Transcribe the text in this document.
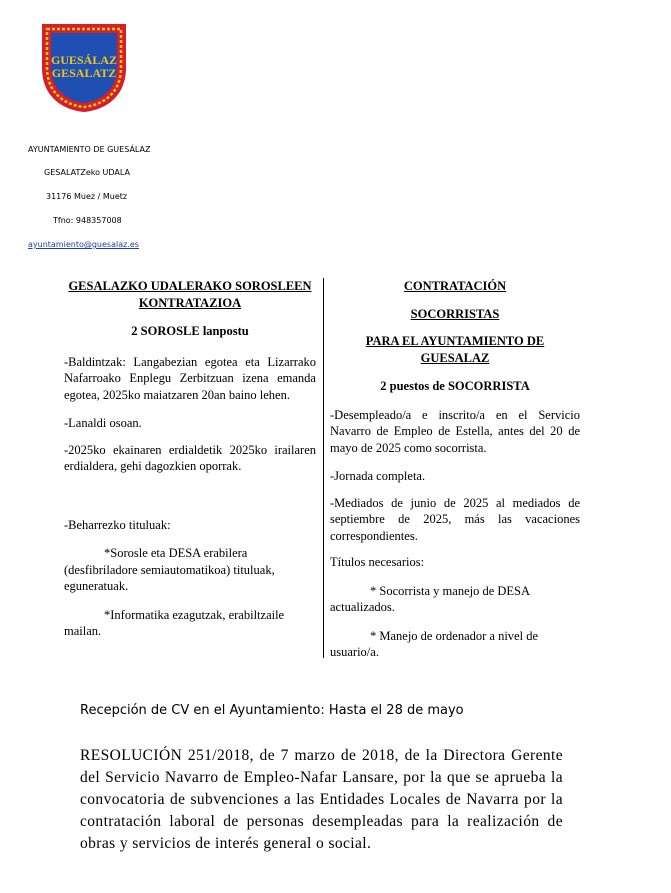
GUESÁLAZ
GESALATZ
AYUNTAMIENTO DE GUESÁLAZ
GESALATZeko UDALA
31176 Muez / Muetz
Tfno: 948357008
ayuntamiento@guesalaz.es

GESALAZKO UDALERAKO SOROSLEEN KONTRATAZIOA

2 SOROSLE lanpostu

-Baldintzak: Langabezian egotea eta Lizarrako Nafarroako Enplegu Zerbitzuan izena emanda egotea, 2025ko maiatzaren 20an baino lehen.

-Lanaldi osoan.

-2025ko ekainaren erdialdetik 2025ko irailaren erdialdera, gehi dagozkien oporrak.

-Beharrezko tituluak:

*Sorosle eta DESA erabilera (desfibriladore semiautomatikoa) tituluak, eguneratuak.

*Informatika ezagutzak, erabiltzaile mailan.

CONTRATACIÓN

SOCORRISTAS

PARA EL AYUNTAMIENTO DE GUESALAZ

2 puestos de SOCORRISTA

-Desempleado/a e inscrito/a en el Servicio Navarro de Empleo de Estella, antes del 20 de mayo de 2025 como socorrista.

-Jornada completa.

-Mediados de junio de 2025 al mediados de septiembre de 2025, más las vacaciones correspondientes.

Títulos necesarios:

* Socorrista y manejo de DESA actualizados.

* Manejo de ordenador a nivel de usuario/a.

Recepción de CV en el Ayuntamiento: Hasta el 28 de mayo
RESOLUCIÓN 251/2018, de 7 marzo de 2018, de la Directora Gerente del Servicio Navarro de Empleo-Nafar Lansare, por la que se aprueba la convocatoria de subvenciones a las Entidades Locales de Navarra por la contratación laboral de personas desempleadas para la realización de obras y servicios de interés general o social.
